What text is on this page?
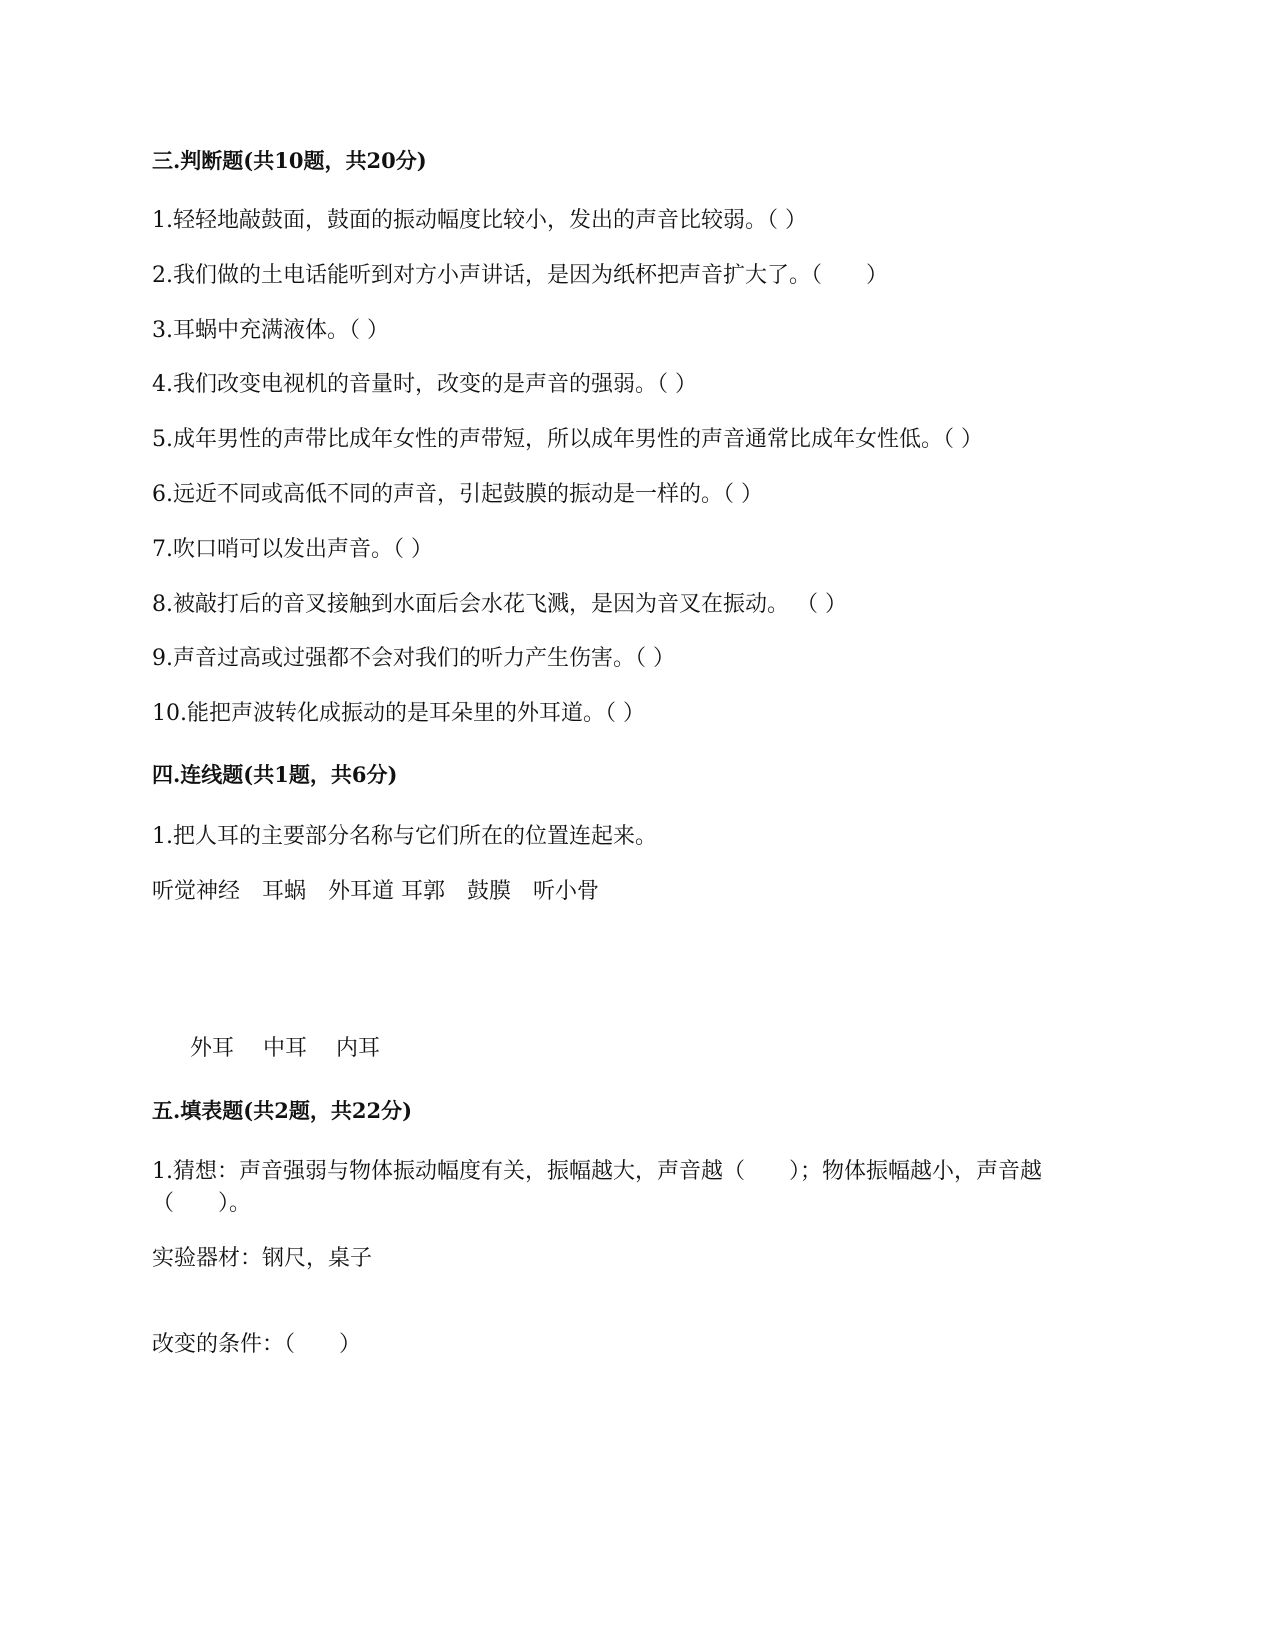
三.判断题(共10题，共20分)
1.轻轻地敲鼓面，鼓面的振动幅度比较小，发出的声音比较弱。（ ）
2.我们做的土电话能听到对方小声讲话，是因为纸杯把声音扩大了。（　　）
3.耳蜗中充满液体。（ ）
4.我们改变电视机的音量时，改变的是声音的强弱。（ ）
5.成年男性的声带比成年女性的声带短，所以成年男性的声音通常比成年女性低。（ ）
6.远近不同或高低不同的声音，引起鼓膜的振动是一样的。（ ）
7.吹口哨可以发出声音。（ ）
8.被敲打后的音叉接触到水面后会水花飞溅，是因为音叉在振动。 （ ）
9.声音过高或过强都不会对我们的听力产生伤害。（ ）
10.能把声波转化成振动的是耳朵里的外耳道。（ ）
四.连线题(共1题，共6分)
1.把人耳的主要部分名称与它们所在的位置连起来。
听觉神经　耳蜗　外耳道 耳郭　鼓膜　听小骨
外耳　 中耳　 内耳
五.填表题(共2题，共22分)
1.猜想：声音强弱与物体振动幅度有关，振幅越大，声音越（　　）；物体振幅越小，声音越（　　）。
实验器材：钢尺，桌子
改变的条件：（　　）
